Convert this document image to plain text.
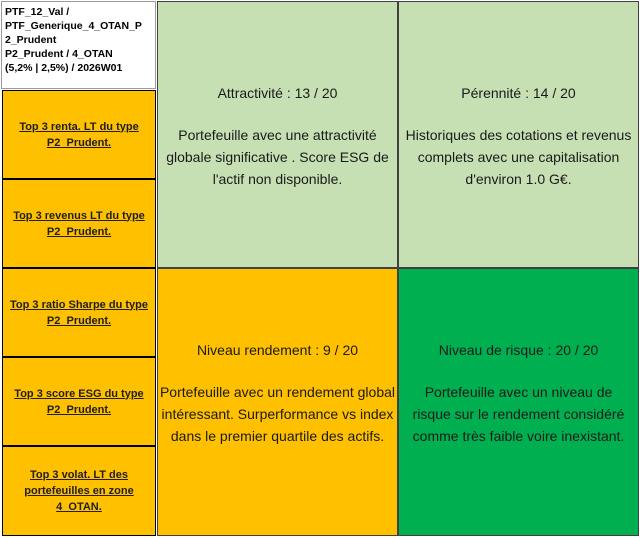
PTF_12_Val /
PTF_Generique_4_OTAN_P
2_Prudent
P2_Prudent / 4_OTAN
(5,2% | 2,5%) / 2026W01
Top 3 renta. LT du type P2_Prudent.
Top 3 revenus LT du type P2_Prudent.
Top 3 ratio Sharpe du type P2_Prudent.
Top 3 score ESG du type P2_Prudent.
Top 3 volat. LT des portefeuilles en zone 4_OTAN.
Attractivité : 13 / 20
Portefeuille avec une attractivité globale significative . Score ESG de l'actif non disponible.
Pérennité : 14 / 20
Historiques des cotations et revenus complets avec une capitalisation d'environ 1.0 G€.
Niveau rendement : 9 / 20
Portefeuille avec un rendement global intéressant. Surperformance vs index dans le premier quartile des actifs.
Niveau de risque : 20 / 20
Portefeuille avec un niveau de risque sur le rendement considéré comme très faible voire inexistant.
